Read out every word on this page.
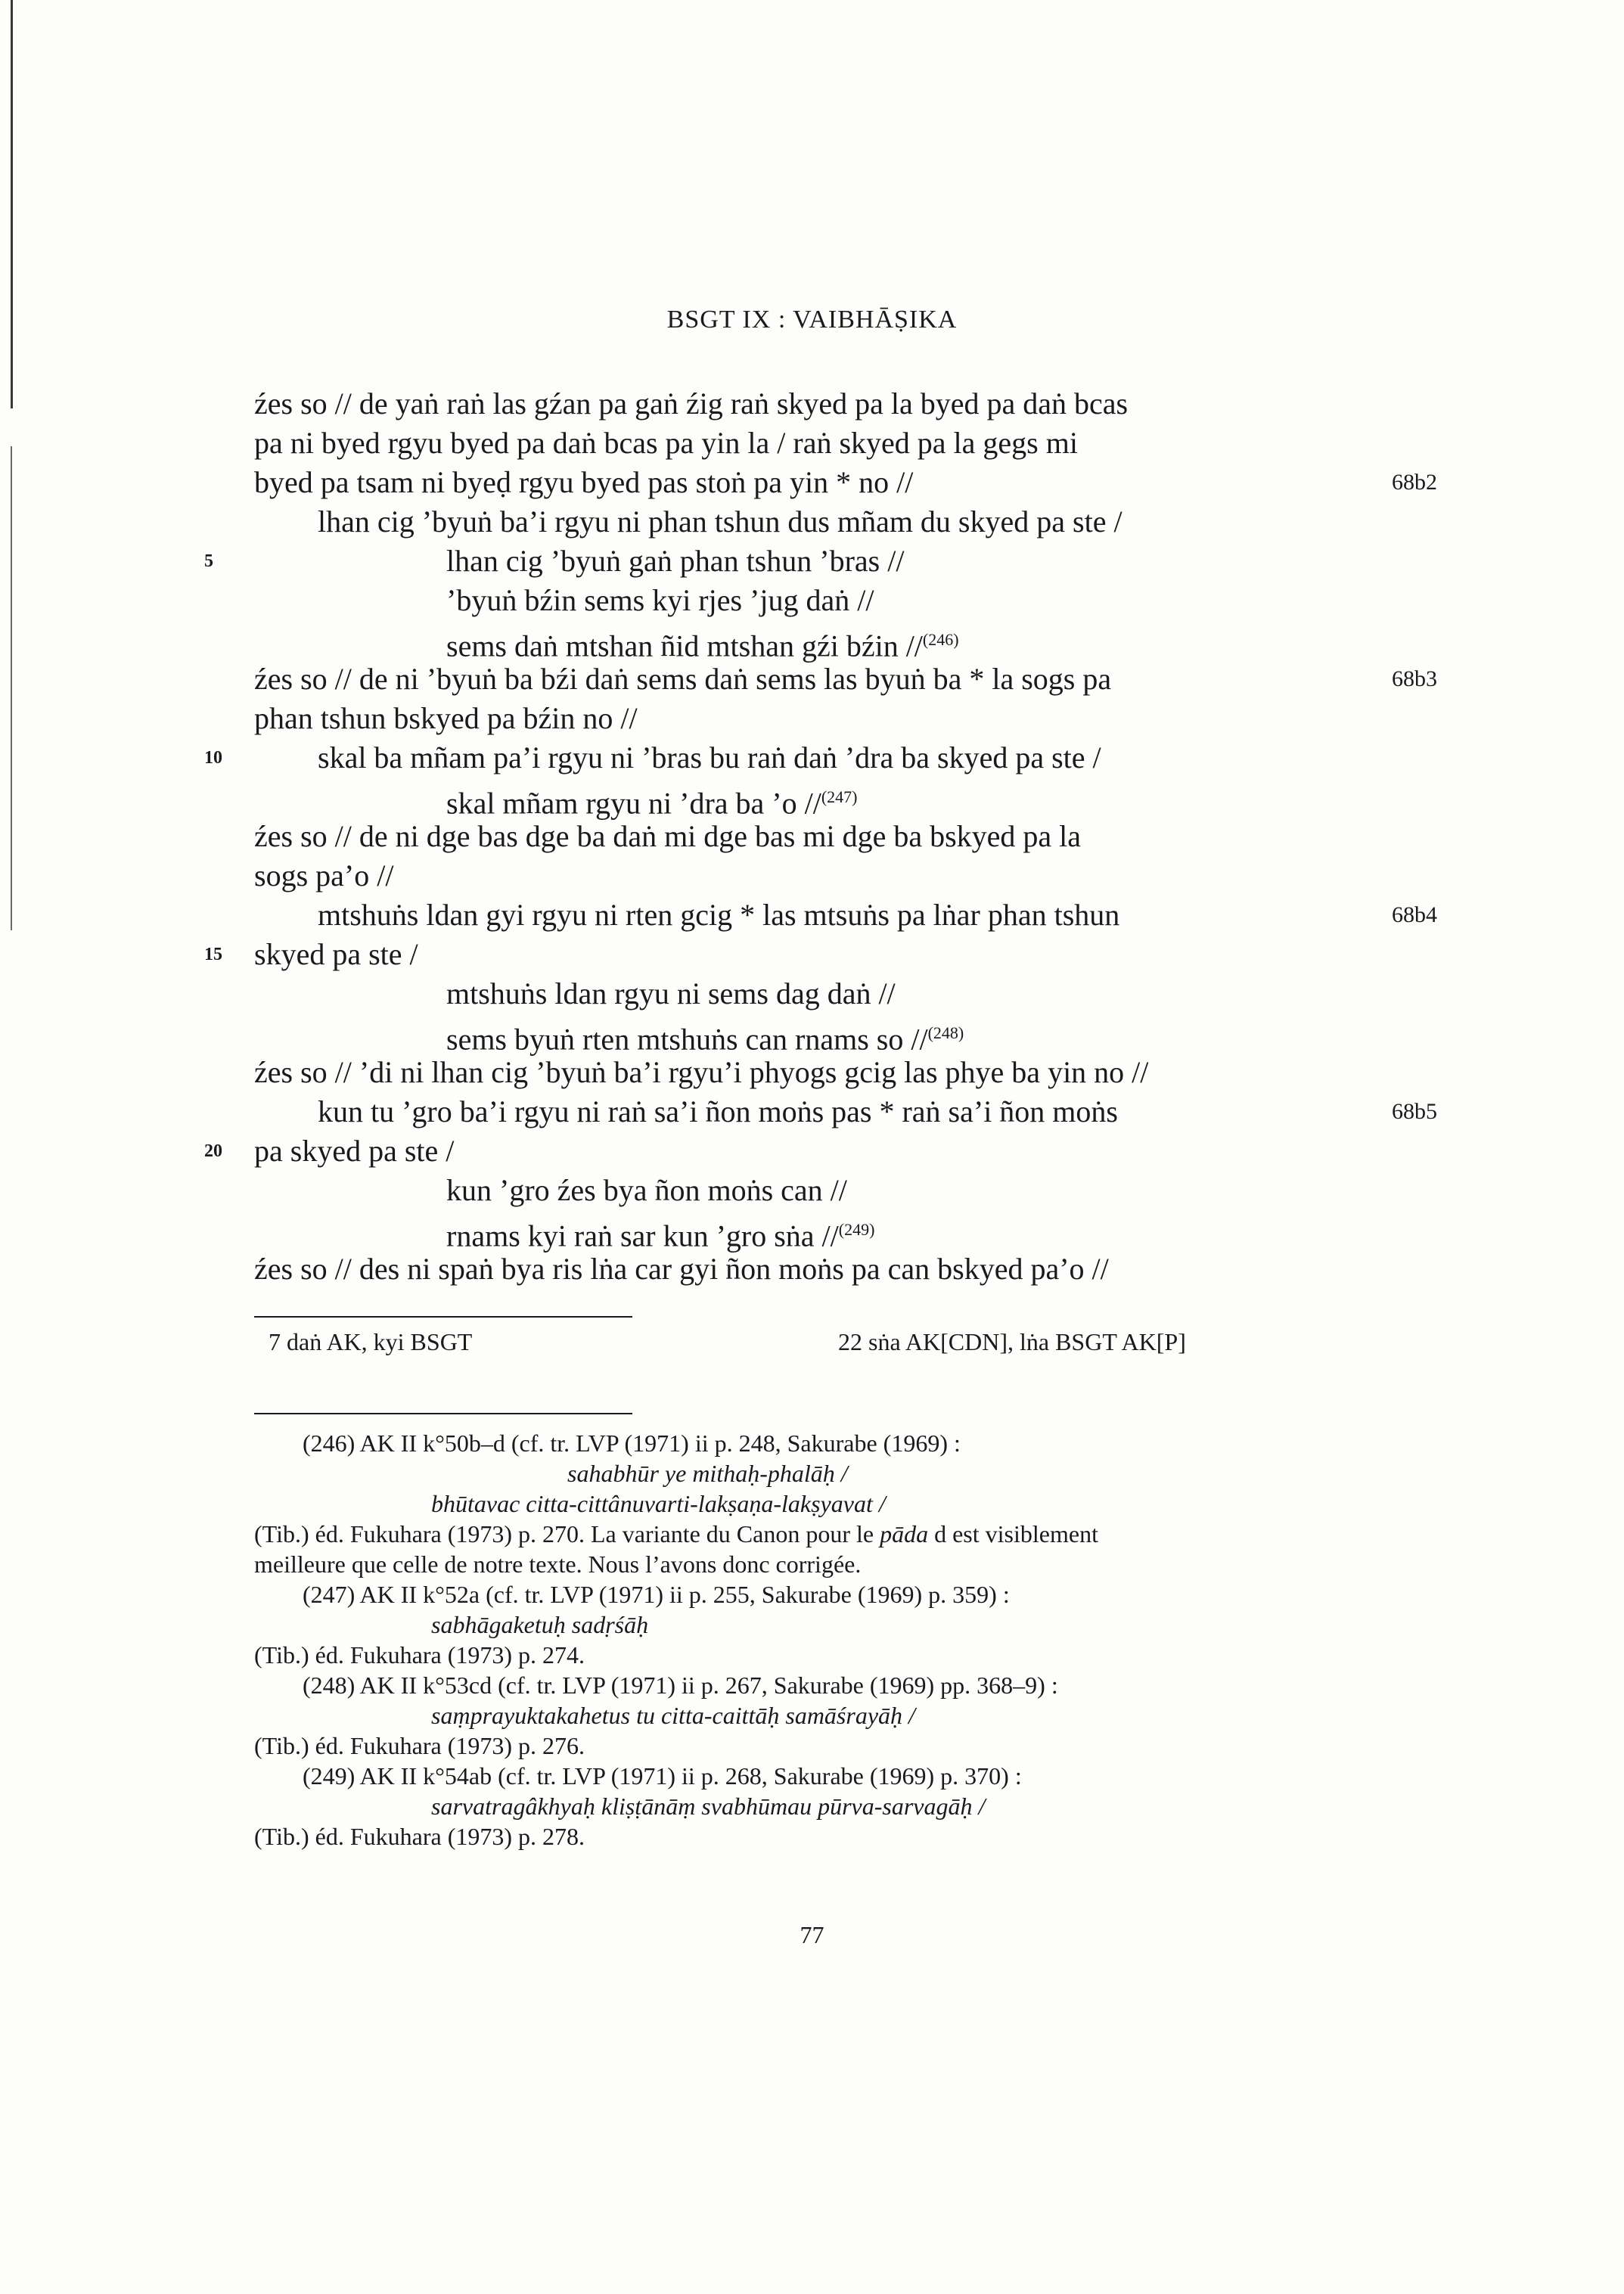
BSGT IX : VAIBHĀṢIKA
źes so // de yaṅ raṅ las gźan pa gaṅ źig raṅ skyed pa la byed pa daṅ bcas
pa ni byed rgyu byed pa daṅ bcas pa yin la / raṅ skyed pa la gegs mi
byed pa tsam ni byeḍ rgyu byed pas stoṅ pa yin * no //
lhan cig ’byuṅ ba’i rgyu ni phan tshun dus mñam du skyed pa ste /
lhan cig ’byuṅ gaṅ phan tshun ’bras //
’byuṅ bźin sems kyi rjes ’jug daṅ //
sems daṅ mtshan ñid mtshan gźi bźin //$^{(246)}$
źes so // de ni ’byuṅ ba bźi daṅ sems daṅ sems las byuṅ ba * la sogs pa
phan tshun bskyed pa bźin no //
skal ba mñam pa’i rgyu ni ’bras bu raṅ daṅ ’dra ba skyed pa ste /
skal mñam rgyu ni ’dra ba ’o //$^{(247)}$
źes so // de ni dge bas dge ba daṅ mi dge bas mi dge ba bskyed pa la
sogs pa’o //
mtshuṅs ldan gyi rgyu ni rten gcig * las mtsuṅs pa lṅar phan tshun
skyed pa ste /
mtshuṅs ldan rgyu ni sems dag daṅ //
sems byuṅ rten mtshuṅs can rnams so //$^{(248)}$
źes so // ’di ni lhan cig ’byuṅ ba’i rgyu’i phyogs gcig las phye ba yin no //
kun tu ’gro ba’i rgyu ni raṅ sa’i ñon moṅs pas * raṅ sa’i ñon moṅs
pa skyed pa ste /
kun ’gro źes bya ñon moṅs can //
rnams kyi raṅ sar kun ’gro sṅa //$^{(249)}$
źes so // des ni spaṅ bya ris lṅa car gyi ñon moṅs pa can bskyed pa’o //
5
10
15
20
68b2
68b3
68b4
68b5
7 daṅ AK, kyi BSGT	22 sṅa AK[CDN], lṅa BSGT AK[P]
(246) AK II k°50b–d (cf. tr. LVP (1971) ii p. 248, Sakurabe (1969) :
sahabhūr ye mithaḥ-phalāḥ /
bhūtavac citta-cittânuvarti-lakṣaṇa-lakṣyavat /
(Tib.) éd. Fukuhara (1973) p. 270. La variante du Canon pour le pāda d est visiblement
meilleure que celle de notre texte. Nous l’avons donc corrigée.
(247) AK II k°52a (cf. tr. LVP (1971) ii p. 255, Sakurabe (1969) p. 359) :
sabhāgaketuḥ sadṛśāḥ
(Tib.) éd. Fukuhara (1973) p. 274.
(248) AK II k°53cd (cf. tr. LVP (1971) ii p. 267, Sakurabe (1969) pp. 368–9) :
saṃprayuktakahetus tu citta-caittāḥ samāśrayāḥ /
(Tib.) éd. Fukuhara (1973) p. 276.
(249) AK II k°54ab (cf. tr. LVP (1971) ii p. 268, Sakurabe (1969) p. 370) :
sarvatragâkhyaḥ kliṣṭānāṃ svabhūmau pūrva-sarvagāḥ /
(Tib.) éd. Fukuhara (1973) p. 278.
77
